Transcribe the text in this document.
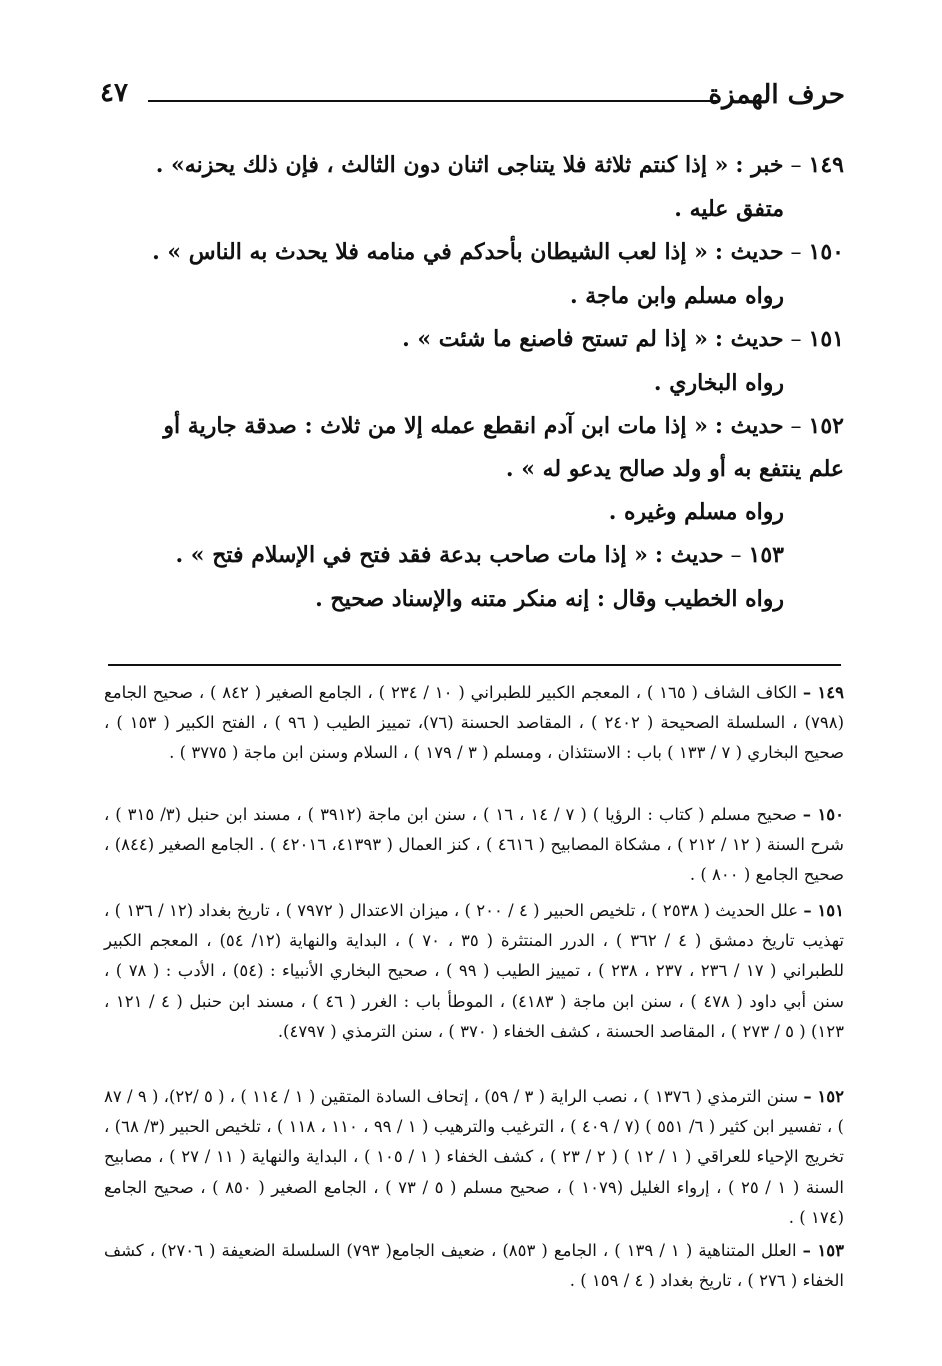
حرف الهمزة
٤٧
١٤٩ – خبر : « إذا كنتم ثلاثة فلا يتناجى اثنان دون الثالث ، فإن ذلك يحزنه» .
متفق عليه .
١٥٠ – حديث : « إذا لعب الشيطان بأحدكم في منامه فلا يحدث به الناس » .
رواه مسلم وابن ماجة .
١٥١ – حديث : « إذا لم تستح فاصنع ما شئت » .
رواه البخاري .
١٥٢ – حديث : « إذا مات ابن آدم انقطع عمله إلا من ثلاث : صدقة جارية أو
علم ينتفع به أو ولد صالح يدعو له » .
رواه مسلم وغيره .
١٥٣ – حديث : « إذا مات صاحب بدعة فقد فتح في الإسلام فتح » .
رواه الخطيب وقال : إنه منكر متنه والإسناد صحيح .
١٤٩ – الكاف الشاف ( ١٦٥ ) ، المعجم الكبير للطبراني ( ١٠ / ٢٣٤ ) ، الجامع الصغير ( ٨٤٢ ) ، صحيح الجامع (٧٩٨) ، السلسلة الصحيحة ( ٢٤٠٢ ) ، المقاصد الحسنة (٧٦)، تمييز الطيب ( ٩٦ ) ، الفتح الكبير ( ١٥٣ ) ، صحيح البخاري ( ٧ / ١٣٣ ) باب : الاستئذان ، ومسلم ( ٣ / ١٧٩ ) ، السلام وسنن ابن ماجة ( ٣٧٧٥ ) .
١٥٠ – صحيح مسلم ( كتاب : الرؤيا ) ( ٧ / ١٤ ، ١٦ ) ، سنن ابن ماجة (٣٩١٢ ) ، مسند ابن حنبل (٣/ ٣١٥ ) ، شرح السنة ( ١٢ / ٢١٢ ) ، مشكاة المصابيح ( ٤٦١٦ ) ، كنز العمال ( ٤١٣٩٣، ٤٢٠١٦ ) . الجامع الصغير (٨٤٤) ، صحيح الجامع ( ٨٠٠ ) .
١٥١ – علل الحديث ( ٢٥٣٨ ) ، تلخيص الحبير ( ٤ / ٢٠٠ ) ، ميزان الاعتدال ( ٧٩٧٢ ) ، تاريخ بغداد (١٢ / ١٣٦ ) ، تهذيب تاريخ دمشق ( ٤ / ٣٦٢ ) ، الدرر المنتثرة ( ٣٥ ، ٧٠ ) ، البداية والنهاية (١٢/ ٥٤) ، المعجم الكبير للطبراني ( ١٧ / ٢٣٦ ، ٢٣٧ ، ٢٣٨ ) ، تمييز الطيب ( ٩٩ ) ، صحيح البخاري الأنبياء : (٥٤) ، الأدب : ( ٧٨ ) ، سنن أبي داود ( ٤٧٨ ) ، سنن ابن ماجة ( ٤١٨٣) ، الموطأ باب : الغرر ( ٤٦ ) ، مسند ابن حنبل ( ٤ / ١٢١ ، ١٢٣) ( ٥ / ٢٧٣ ) ، المقاصد الحسنة ، كشف الخفاء ( ٣٧٠ ) ، سنن الترمذي ( ٤٧٩٧).
١٥٢ – سنن الترمذي ( ١٣٧٦ ) ، نصب الراية ( ٣ / ٥٩) ، إتحاف السادة المتقين ( ١ / ١١٤ ) ، ( ٥ /٢٢)، ( ٩ / ٨٧ ) ، تفسير ابن كثير ( ٦/ ٥٥١ ) (٧ / ٤٠٩ ) ، الترغيب والترهيب ( ١ / ٩٩ ، ١١٠ ، ١١٨ ) ، تلخيص الحبير (٣/ ٦٨) ، تخريج الإحياء للعراقي ( ١ / ١٢ ) ( ٢ / ٢٣ ) ، كشف الخفاء ( ١ / ١٠٥ ) ، البداية والنهاية ( ١١ / ٢٧ ) ، مصابيح السنة ( ١ / ٢٥ ) ، إرواء الغليل (١٠٧٩ ) ، صحيح مسلم ( ٥ / ٧٣ ) ، الجامع الصغير ( ٨٥٠ ) ، صحيح الجامع (١٧٤ ) .
١٥٣ – العلل المتناهية ( ١ / ١٣٩ ) ، الجامع ( ٨٥٣) ، ضعيف الجامع( ٧٩٣) السلسلة الضعيفة ( ٢٧٠٦) ، كشف الخفاء ( ٢٧٦ ) ، تاريخ بغداد ( ٤ / ١٥٩ ) .
